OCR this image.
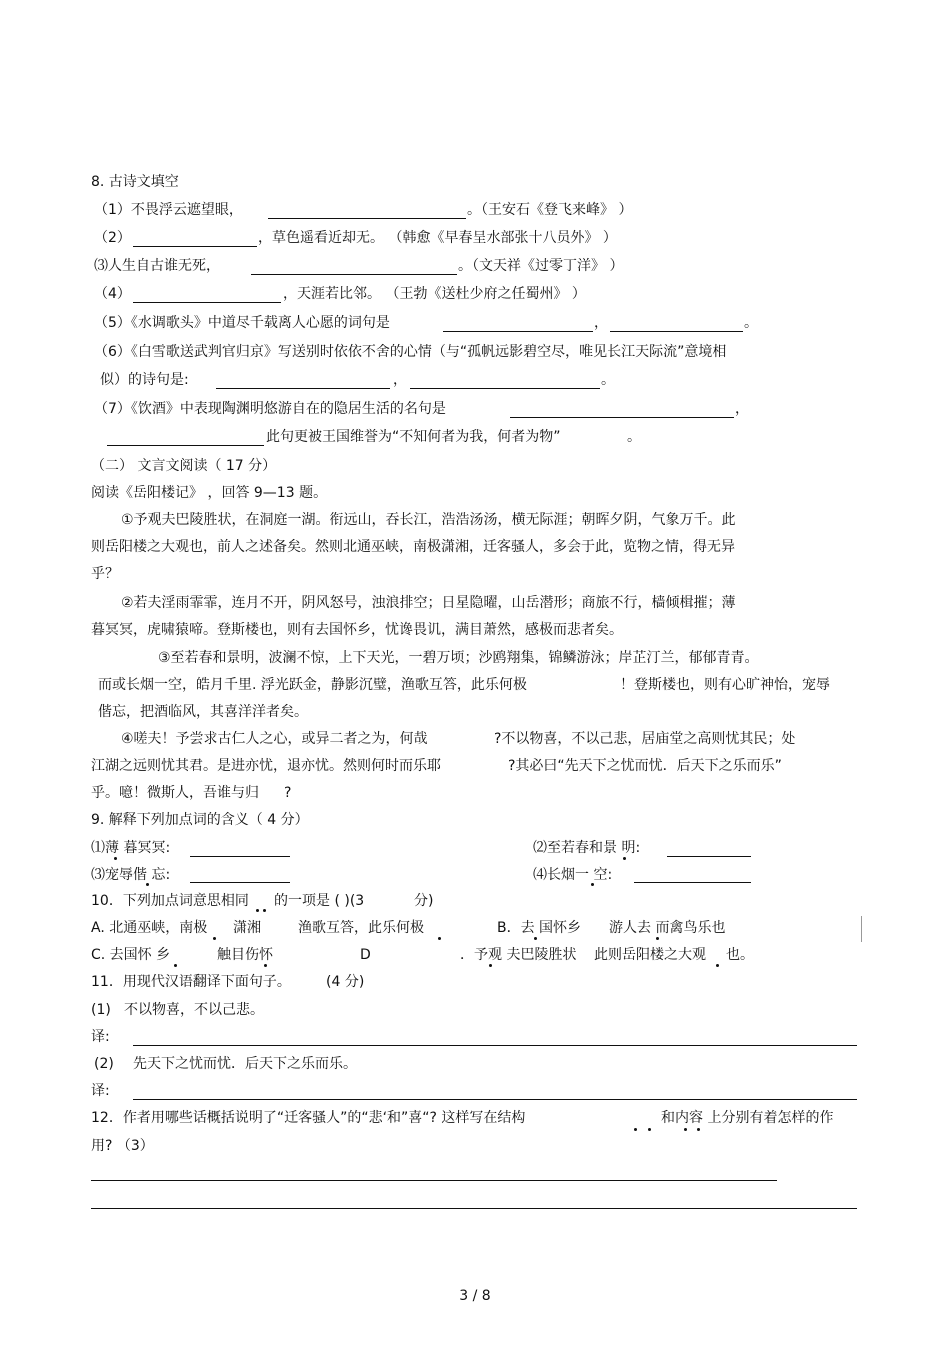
8. 古诗文填空
（1）不畏浮云遮望眼，	。（王安石《登飞来峰》 ）
（2）	，草色遥看近却无。 （韩愈《早春呈水部张十八员外》 ）
⑶人生自古谁无死，	。（文天祥《过零丁洋》 ）
（4）	，天涯若比邻。 （王勃《送杜少府之任蜀州》 ）
（5）《水调歌头》中道尽千载离人心愿的词句是	，	。
（6）《白雪歌送武判官归京》写送别时依依不舍的心情（与“孤帆远影碧空尽，唯见长江天际流”意境相
似）的诗句是:	，	。
（7）《饮酒》中表现陶渊明悠游自在的隐居生活的名句是	，
此句更被王国维誉为“不知何者为我，何者为物”	。
（二） 文言文阅读（ 17 分）
阅读《岳阳楼记》 ，回答 9—13 题。
①予观夫巴陵胜状，在洞庭一湖。衔远山，吞长江，浩浩汤汤，横无际涯；朝晖夕阴，气象万千。此
则岳阳楼之大观也，前人之述备矣。然则北通巫峡，南极潇湘，迁客骚人，多会于此，览物之情，得无异
乎？
②若夫淫雨霏霏，连月不开，阴风怒号，浊浪排空；日星隐曜，山岳潜形；商旅不行，樯倾楫摧；薄
暮冥冥，虎啸猿啼。登斯楼也，则有去国怀乡，忧谗畏讥，满目萧然，感极而悲者矣。
③至若春和景明，波澜不惊，上下天光，一碧万顷；沙鸥翔集，锦鳞游泳；岸芷汀兰，郁郁青青。
而或长烟一空，皓月千里. 浮光跃金，静影沉璧，渔歌互答，此乐何极	！登斯楼也，则有心旷神怡，宠辱
偕忘，把酒临风，其喜洋洋者矣。
④嗟夫！予尝求古仁人之心，或异二者之为，何哉	?不以物喜，不以己悲，居庙堂之高则忧其民；处
江湖之远则忧其君。是进亦忧，退亦忧。然则何时而乐耶	?其必曰“先天下之忧而忧．后天下之乐而乐”
乎。噫！微斯人，吾谁与归 ?
9. 解释下列加点词的含义（ 4 分）
⑴薄 暮冥冥:	⑵至若春和景 明:
⑶宠辱偕 忘:	⑷长烟一 空:
10．下列加点词意思相同 的一项是 ( )(3	分)
A. 北通巫峡，南极 潇湘	渔歌互答，此乐何极	B．去 国怀乡 游人去 而禽鸟乐也
C. 去国怀 乡	触目伤怀	D	．予观 夫巴陵胜状 此则岳阳楼之大观 也。
11．用现代汉语翻译下面句子。	(4 分)
(1) 不以物喜，不以己悲。
译:
(2) 先天下之忧而忧．后天下之乐而乐。
译:
12．作者用哪些话概括说明了“迁客骚人”的“悲‘和”喜“? 这样写在结构	和内容 上分别有着怎样的作
用? （3）
3 / 8
